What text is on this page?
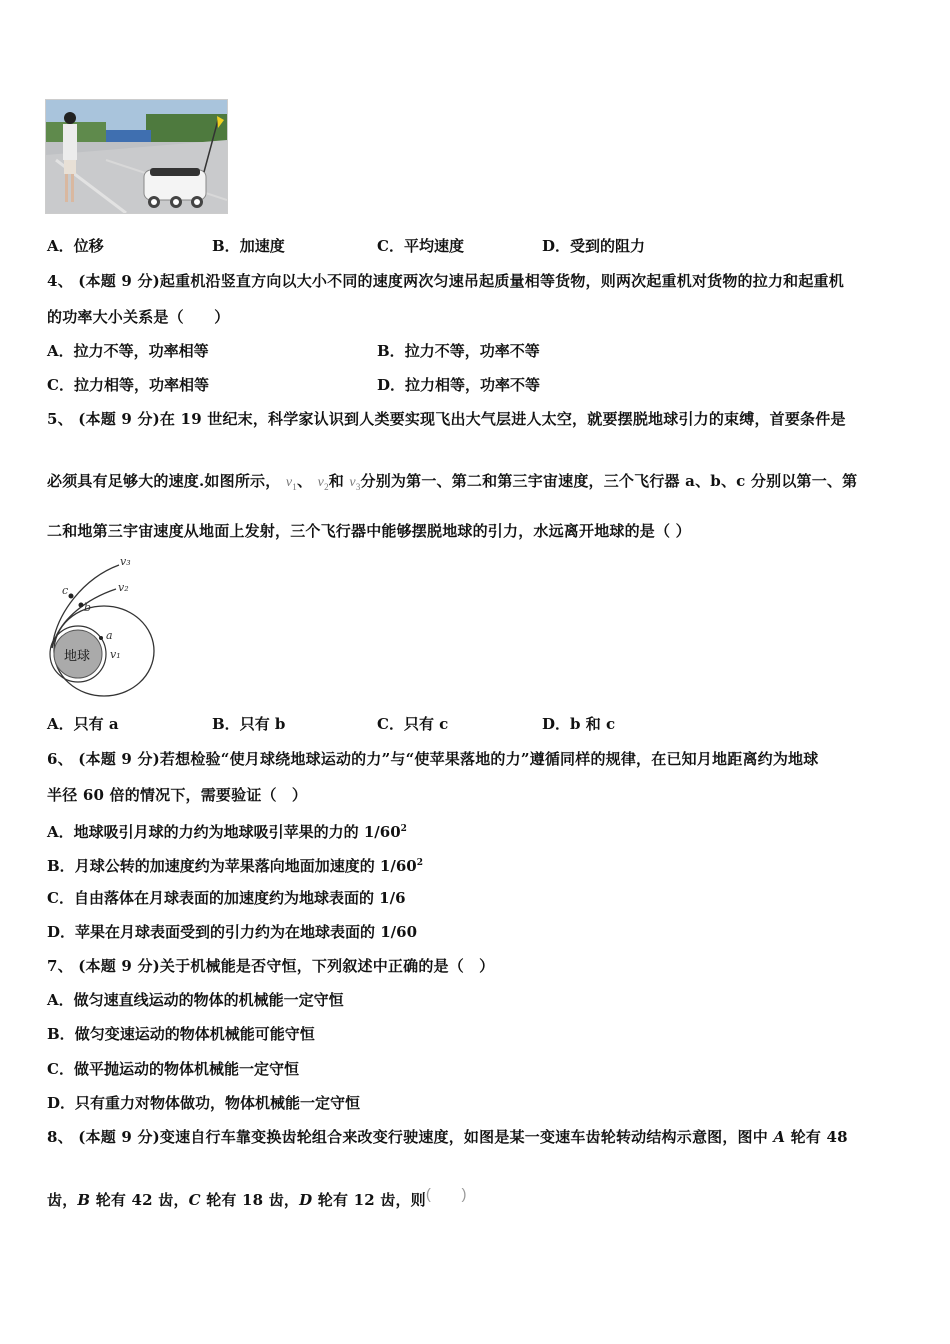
A．位移	B．加速度	C．平均速度	D．受到的阻力
4、 (本题 9 分)起重机沿竖直方向以大小不同的速度两次匀速吊起质量相等货物，则两次起重机对货物的拉力和起重机
的功率大小关系是（　　）
A．拉力不等，功率相等	B．拉力不等，功率不等
C．拉力相等，功率相等	D．拉力相等，功率不等
5、 (本题 9 分)在 19 世纪末，科学家认识到人类要实现飞出大气层进人太空，就要摆脱地球引力的束缚，首要条件是
必须具有足够大的速度.如图所示， $v_1$、 $v_2$和 $v_3$分别为第一、第二和第三宇宙速度，三个飞行器 a、b、c 分别以第一、第
二和地第三宇宙速度从地面上发射，三个飞行器中能够摆脱地球的引力，水远离开地球的是（ ）
地球
v₃
v₂
v₁
c
b
a
A．只有 a	B．只有 b	C．只有 c	D．b 和 c
6、 (本题 9 分)若想检验“使月球绕地球运动的力”与“使苹果落地的力”遵循同样的规律，在已知月地距离约为地球
半径 60 倍的情况下，需要验证（　）
A．地球吸引月球的力约为地球吸引苹果的力的 $1/60^2$
B．月球公转的加速度约为苹果落向地面加速度的 $1/60^2$
C．自由落体在月球表面的加速度约为地球表面的 1/6
D．苹果在月球表面受到的引力约为在地球表面的 1/60
7、 (本题 9 分)关于机械能是否守恒，下列叙述中正确的是（　）
A．做匀速直线运动的物体的机械能一定守恒
B．做匀变速运动的物体机械能可能守恒
C．做平抛运动的物体机械能一定守恒
D．只有重力对物体做功，物体机械能一定守恒
8、 (本题 9 分)变速自行车靠变换齿轮组合来改变行驶速度，如图是某一变速车齿轮转动结构示意图，图中 A 轮有 48
齿，B 轮有 42 齿，C 轮有 18 齿，D 轮有 12 齿，则(　　)
